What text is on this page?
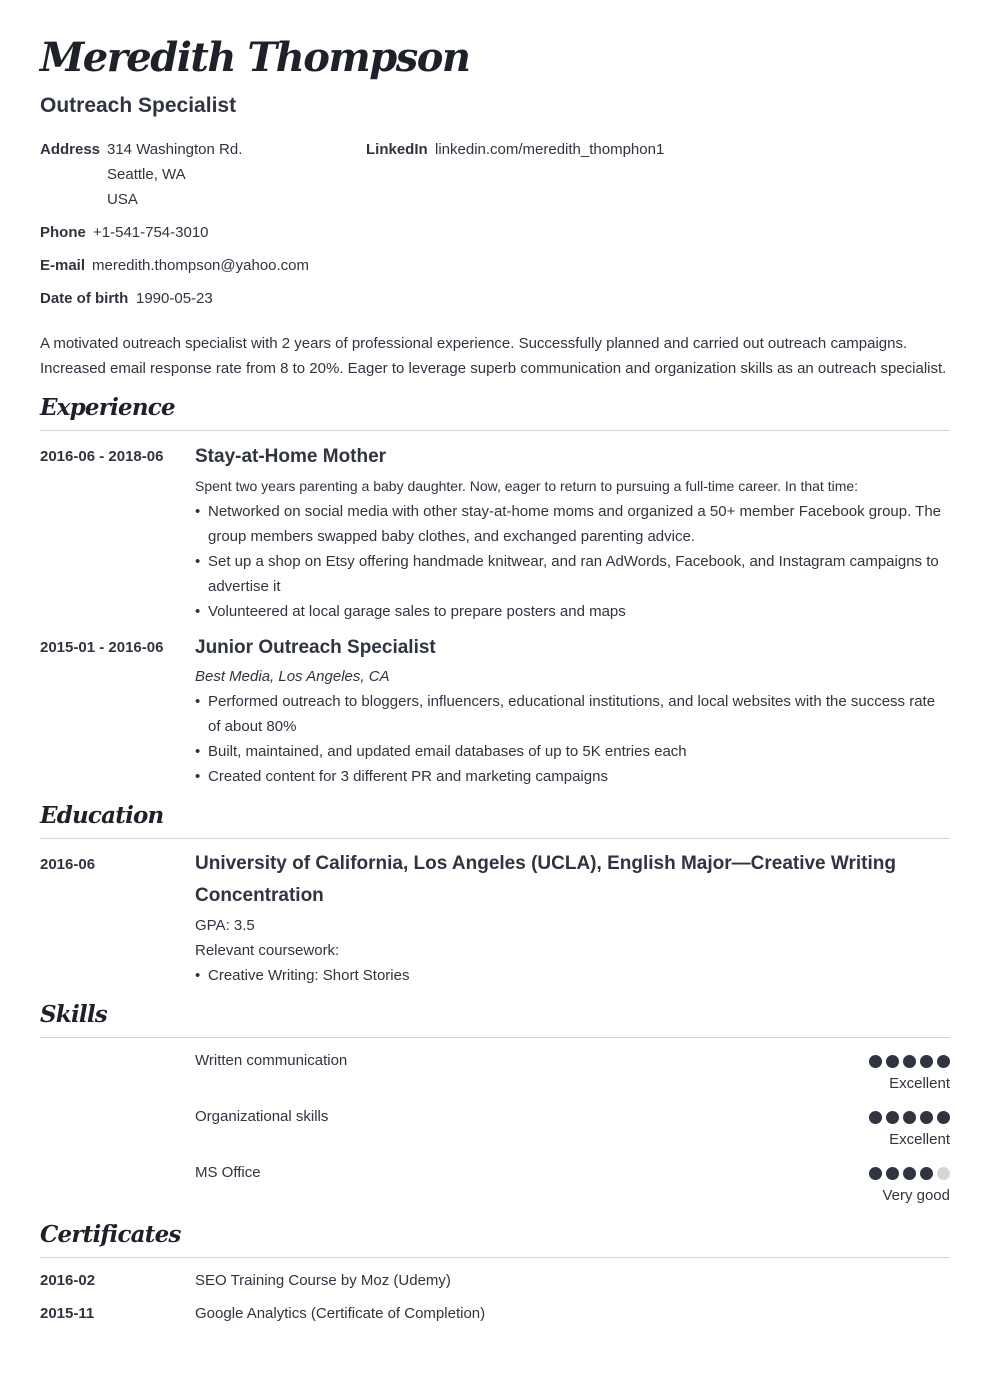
Meredith Thompson
Outreach Specialist
Address 314 Washington Rd.
Seattle, WA
USA
LinkedIn linkedin.com/meredith_thomphon1
Phone +1-541-754-3010
E-mail meredith.thompson@yahoo.com
Date of birth 1990-05-23
A motivated outreach specialist with 2 years of professional experience. Successfully planned and carried out outreach campaigns. Increased email response rate from 8 to 20%. Eager to leverage superb communication and organization skills as an outreach specialist.
Experience
2016-06 - 2018-06 Stay-at-Home Mother
Spent two years parenting a baby daughter. Now, eager to return to pursuing a full-time career. In that time:
• Networked on social media with other stay-at-home moms and organized a 50+ member Facebook group. The group members swapped baby clothes, and exchanged parenting advice.
• Set up a shop on Etsy offering handmade knitwear, and ran AdWords, Facebook, and Instagram campaigns to advertise it
• Volunteered at local garage sales to prepare posters and maps
2015-01 - 2016-06 Junior Outreach Specialist
Best Media, Los Angeles, CA
• Performed outreach to bloggers, influencers, educational institutions, and local websites with the success rate of about 80%
• Built, maintained, and updated email databases of up to 5K entries each
• Created content for 3 different PR and marketing campaigns
Education
2016-06	University of California, Los Angeles (UCLA), English Major—Creative Writing Concentration
GPA: 3.5
Relevant coursework:
• Creative Writing: Short Stories
Skills
Written communication
Excellent
Organizational skills
Excellent
MS Office
Very good
Certificates
2016-02	SEO Training Course by Moz (Udemy)
2015-11	Google Analytics (Certificate of Completion)
